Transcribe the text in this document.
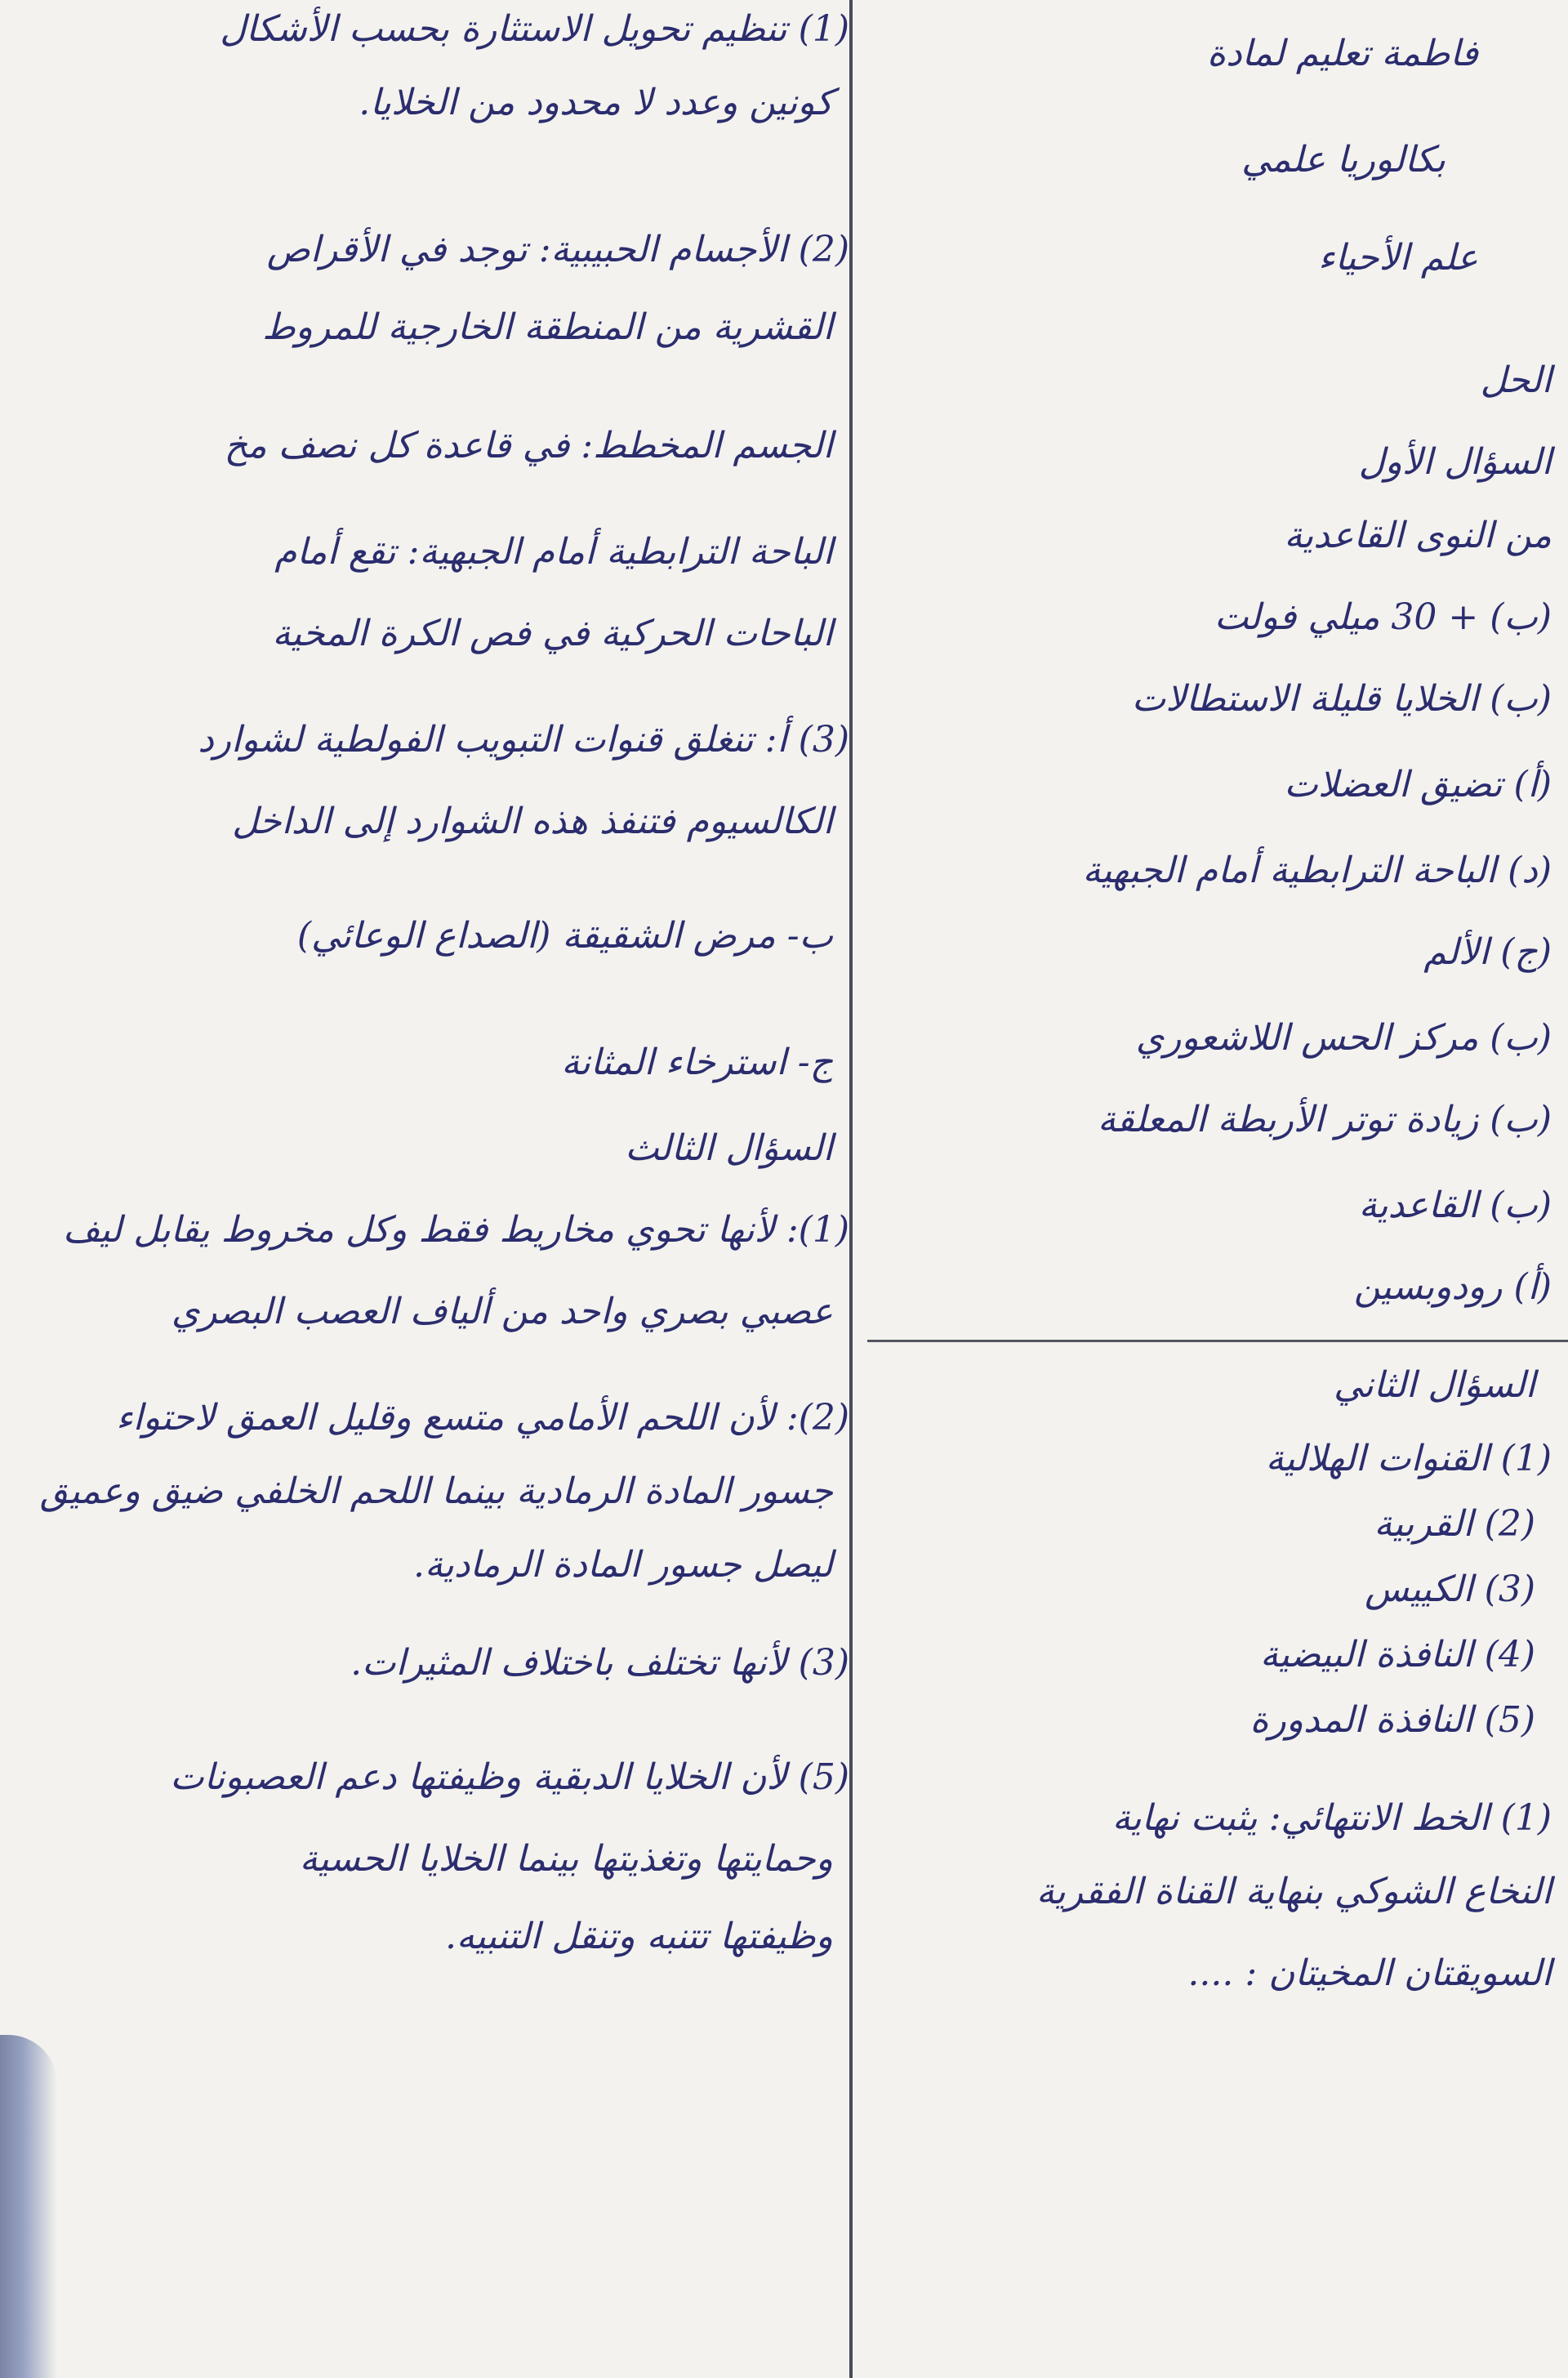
فاطمة تعليم لمادة
بكالوريا علمي
علم الأحياء
الحل
السؤال الأول
من النوى القاعدية
(ب) + 30 ميلي فولت
(ب) الخلايا قليلة الاستطالات
(أ) تضيق العضلات
(د) الباحة الترابطية أمام الجبهية
(ج) الألم
(ب) مركز الحس اللاشعوري
(ب) زيادة توتر الأربطة المعلقة
(ب) القاعدية
(أ) رودوبسين
السؤال الثاني
(1) القنوات الهلالية
(2) القربية
(3) الكييس
(4) النافذة البيضية
(5) النافذة المدورة
(1) الخط الانتهائي: يثبت نهاية
النخاع الشوكي بنهاية القناة الفقرية
السويقتان المخيتان : ....
(1) تنظيم تحويل الاستثارة بحسب الأشكال
كونين وعدد لا محدود من الخلايا.
(2) الأجسام الحبيبية: توجد في الأقراص
القشرية من المنطقة الخارجية للمروط
الجسم المخطط: في قاعدة كل نصف مخ
الباحة الترابطية أمام الجبهية: تقع أمام
الباحات الحركية في فص الكرة المخية
(3) أ: تنغلق قنوات التبويب الفولطية لشوارد
الكالسيوم فتنفذ هذه الشوارد إلى الداخل
ب- مرض الشقيقة (الصداع الوعائي)
ج- استرخاء المثانة
السؤال الثالث
(1): لأنها تحوي مخاريط فقط وكل مخروط يقابل ليف
عصبي بصري واحد من ألياف العصب البصري
(2): لأن اللحم الأمامي متسع وقليل العمق لاحتواء
جسور المادة الرمادية بينما اللحم الخلفي ضيق وعميق
ليصل جسور المادة الرمادية.
(3) لأنها تختلف باختلاف المثيرات.
(5) لأن الخلايا الدبقية وظيفتها دعم العصبونات
وحمايتها وتغذيتها بينما الخلايا الحسية
وظيفتها تتنبه وتنقل التنبيه.
